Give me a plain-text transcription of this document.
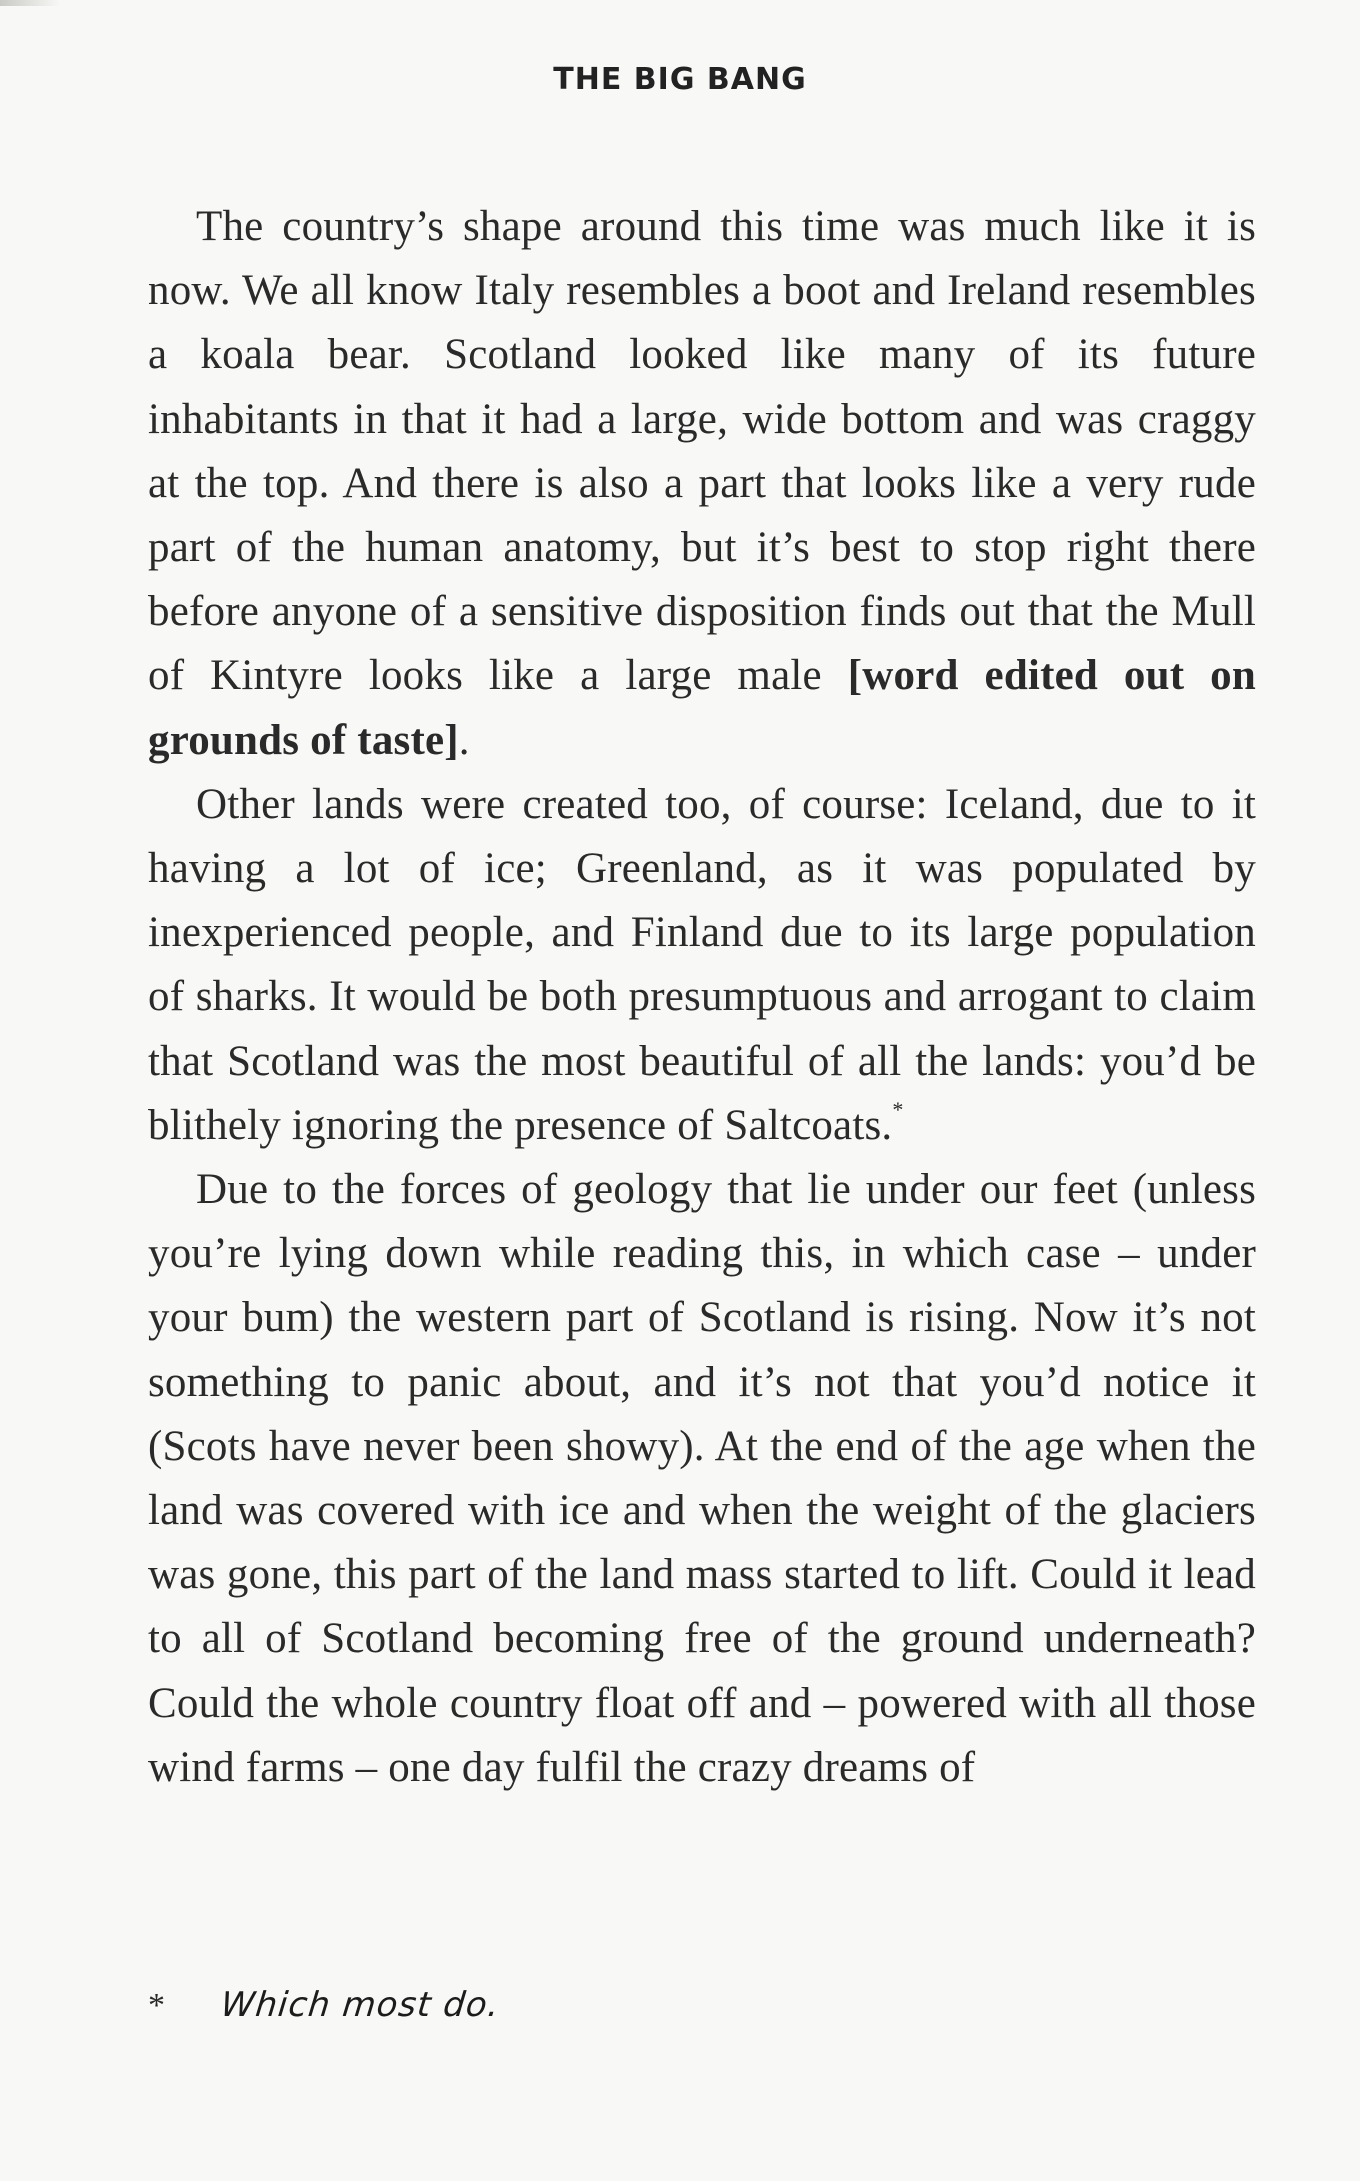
THE BIG BANG

The country’s shape around this time was much like it is now. We all know Italy resembles a boot and Ireland resembles a koala bear. Scotland looked like many of its future inhabitants in that it had a large, wide bottom and was craggy at the top. And there is also a part that looks like a very rude part of the human anatomy, but it’s best to stop right there before anyone of a sensitive disposition finds out that the Mull of Kintyre looks like a large male [word edited out on grounds of taste].

Other lands were created too, of course: Iceland, due to it having a lot of ice; Greenland, as it was populated by inexperienced people, and Finland due to its large population of sharks. It would be both presumptuous and arrogant to claim that Scotland was the most beautiful of all the lands: you’d be blithely ignoring the presence of Saltcoats.*

Due to the forces of geology that lie under our feet (unless you’re lying down while reading this, in which case – under your bum) the western part of Scotland is rising. Now it’s not something to panic about, and it’s not that you’d notice it (Scots have never been showy). At the end of the age when the land was covered with ice and when the weight of the glaciers was gone, this part of the land mass started to lift. Could it lead to all of Scotland becoming free of the ground underneath? Could the whole country float off and – powered with all those wind farms – one day fulfil the crazy dreams of

* Which most do.
